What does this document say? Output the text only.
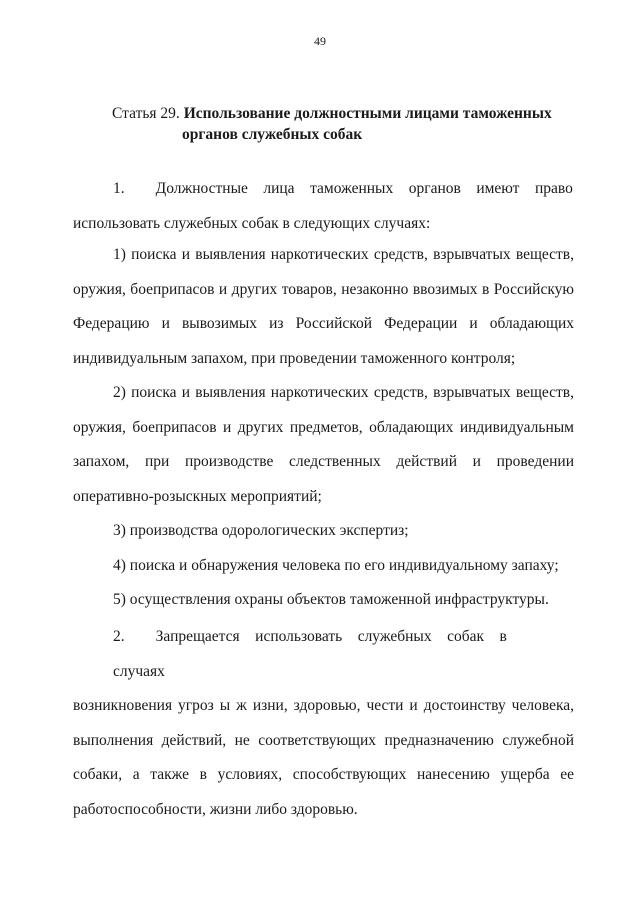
49
Статья 29. Использование должностными лицами таможенных
органов служебных собак
1.  Должностные лица таможенных органов имеют право
использовать служебных собак в следующих случаях:
1) поиска и выявления наркотических средств, взрывчатых веществ,
оружия, боеприпасов и других товаров, незаконно ввозимых в Российскую
Федерацию и вывозимых из Российской Федерации и обладающих
индивидуальным запахом, при проведении таможенного контроля;
2) поиска и выявления наркотических средств, взрывчатых веществ,
оружия, боеприпасов и других предметов, обладающих индивидуальным
запахом, при производстве следственных действий и проведении
оперативно-розыскных мероприятий;
3) производства одорологических экспертиз;
4) поиска и обнаружения человека по его индивидуальному запаху;
5) осуществления охраны объектов таможенной инфраструктуры.
2.  Запрещается использовать служебных собак в случаях
возникновения угроз ы ж изни, здоровью, чести и достоинству человека,
выполнения действий, не соответствующих предназначению служебной
собаки, а также в условиях, способствующих нанесению ущерба ее
работоспособности, жизни либо здоровью.
